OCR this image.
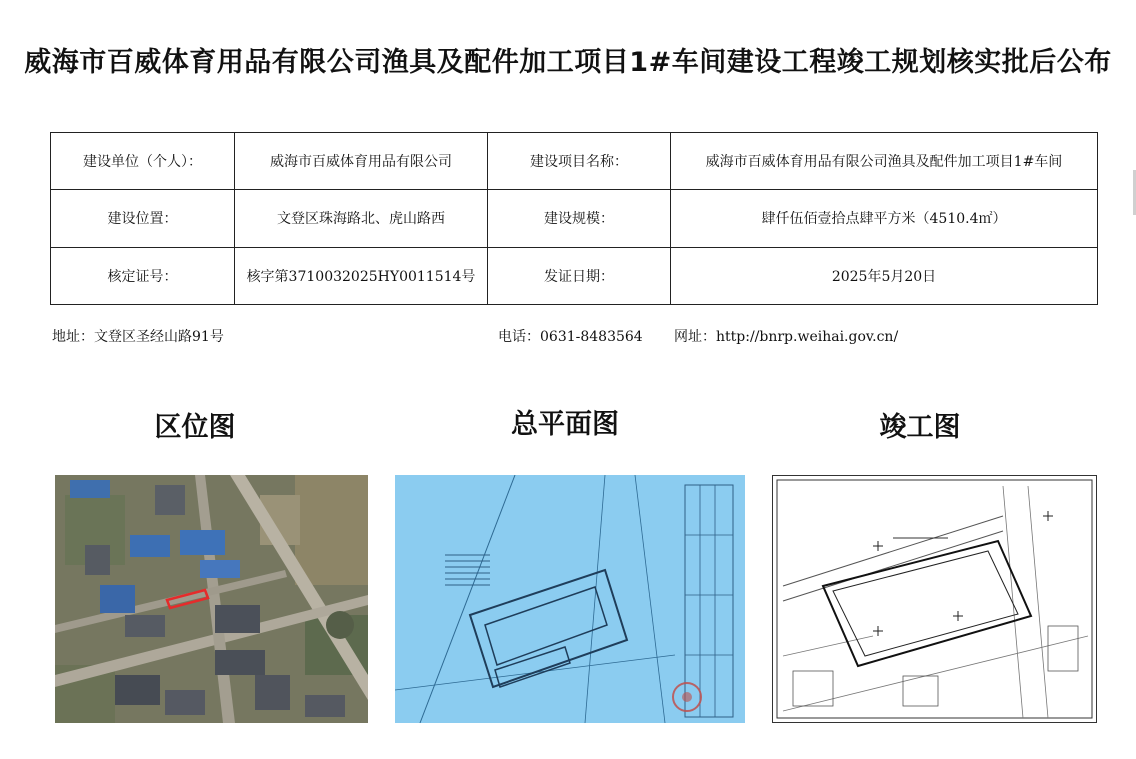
威海市百威体育用品有限公司渔具及配件加工项目1#车间建设工程竣工规划核实批后公布
建设单位（个人）：	威海市百威体育用品有限公司	建设项目名称：	威海市百威体育用品有限公司渔具及配件加工项目1#车间
建设位置：	文登区珠海路北、虎山路西	建设规模：	肆仟伍佰壹拾点肆平方米（4510.4㎡）
核定证号：	核字第3710032025HY0011514号	发证日期：	2025年5月20日
地址：文登区圣经山路91号	电话：0631-8483564 网址：http://bnrp.weihai.gov.cn/
区位图	总平面图	竣工图
